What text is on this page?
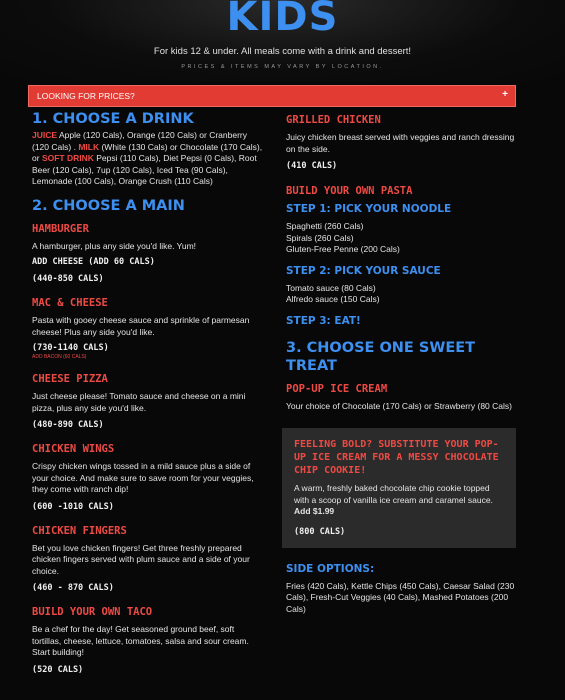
KIDS
For kids 12 & under. All meals come with a drink and dessert!
PRICES & ITEMS MAY VARY BY LOCATION.
LOOKING FOR PRICES?	+
1. CHOOSE A DRINK
JUICE Apple (120 Cals), Orange (120 Cals) or Cranberry (120 Cals) . MILK (White (130 Cals) or Chocolate (170 Cals), or SOFT DRINK Pepsi (110 Cals), Diet Pepsi (0 Cals), Root Beer (120 Cals), 7up (120 Cals), Iced Tea (90 Cals), Lemonade (100 Cals), Orange Crush (110 Cals)
2. CHOOSE A MAIN
HAMBURGER
A hamburger, plus any side you'd like. Yum!
ADD CHEESE (ADD 60 CALS)
(440-850 CALS)
MAC & CHEESE
Pasta with gooey cheese sauce and sprinkle of parmesan cheese! Plus any side you'd like.
(730-1140 CALS)
ADD BACON (60 CALS)
CHEESE PIZZA
Just cheese please! Tomato sauce and cheese on a mini pizza, plus any side you'd like.
(480-890 CALS)
CHICKEN WINGS
Crispy chicken wings tossed in a mild sauce plus a side of your choice. And make sure to save room for your veggies, they come with ranch dip!
(600 -1010 CALS)
CHICKEN FINGERS
Bet you love chicken fingers! Get three freshly prepared chicken fingers served with plum sauce and a side of your choice.
(460 - 870 CALS)
BUILD YOUR OWN TACO
Be a chef for the day! Get seasoned ground beef, soft tortillas, cheese, lettuce, tomatoes, salsa and sour cream. Start building!
(520 CALS)
GRILLED CHICKEN
Juicy chicken breast served with veggies and ranch dressing on the side.
(410 CALS)
BUILD YOUR OWN PASTA
STEP 1: PICK YOUR NOODLE
Spaghetti (260 Cals)
Spirals (260 Cals)
Gluten-Free Penne (200 Cals)
STEP 2: PICK YOUR SAUCE
Tomato sauce (80 Cals)
Alfredo sauce (150 Cals)
STEP 3: EAT!
3. CHOOSE ONE SWEET TREAT
POP-UP ICE CREAM
Your choice of Chocolate (170 Cals) or Strawberry (80 Cals)
FEELING BOLD? SUBSTITUTE YOUR POP-UP ICE CREAM FOR A MESSY CHOCOLATE CHIP COOKIE!
A warm, freshly baked chocolate chip cookie topped with a scoop of vanilla ice cream and caramel sauce. Add $1.99
(800 CALS)
SIDE OPTIONS:
Fries (420 Cals), Kettle Chips (450 Cals), Caesar Salad (230 Cals), Fresh-Cut Veggies (40 Cals), Mashed Potatoes (200 Cals)
